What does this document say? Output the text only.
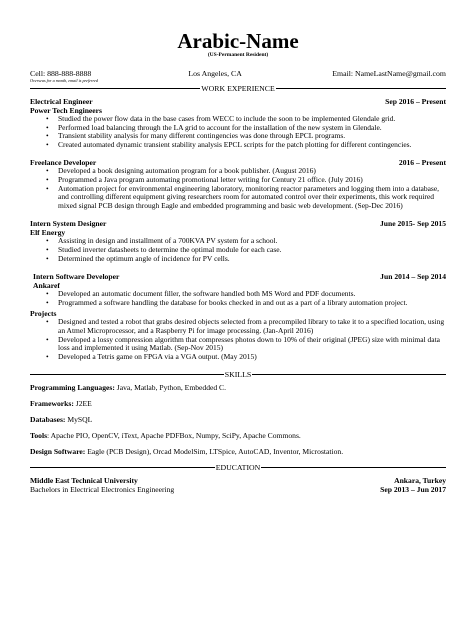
Arabic-Name
(US-Permanent Resident)
Cell: 888-888-8888
Overseas for a month, email is preferred
Los Angeles, CA	Email: NameLastName@gmail.com
WORK EXPERIENCE
Electrical Engineer	Sep 2016 – Present
Power Tech Engineers
• Studied the power flow data in the base cases from WECC to include the soon to be implemented Glendale grid.
• Performed load balancing through the LA grid to account for the installation of the new system in Glendale.
• Transient stability analysis for many different contingencies was done through EPCL programs.
• Created automated dynamic transient stability analysis EPCL scripts for the patch plotting for different contingencies.
Freelance Developer	2016 – Present
• Developed a book designing automation program for a book publisher. (August 2016)
• Programmed a Java program automating promotional letter writing for Century 21 office. (July 2016)
• Automation project for environmental engineering laboratory, monitoring reactor parameters and logging them into a database, and controlling different equipment giving researchers room for automated control over their experiments, this work required mixed signal PCB design through Eagle and embedded programming and basic web development. (Sep-Dec 2016)
Intern System Designer	June 2015- Sep 2015
Elf Energy
• Assisting in design and installment of a 700KVA PV system for a school.
• Studied inverter datasheets to determine the optimal module for each case.
• Determined the optimum angle of incidence for PV cells.
Intern Software Developer	Jun 2014 – Sep 2014
Ankaref
• Developed an automatic document filler, the software handled both MS Word and PDF documents.
• Programmed a software handling the database for books checked in and out as a part of a library automation project.
Projects
• Designed and tested a robot that grabs desired objects selected from a precompiled library to take it to a specified location, using an Atmel Microprocessor, and a Raspberry Pi for image processing. (Jan-April 2016)
• Developed a lossy compression algorithm that compresses photos down to 10% of their original (JPEG) size with minimal data loss and implemented it using Matlab. (Sep-Nov 2015)
• Developed a Tetris game on FPGA via a VGA output. (May 2015)
SKILLS
Programming Languages: Java, Matlab, Python, Embedded C.
Frameworks: J2EE
Databases: MySQL
Tools: Apache PIO, OpenCV, iText, Apache PDFBox, Numpy, SciPy, Apache Commons.
Design Software: Eagle (PCB Design), Orcad ModelSim, LTSpice, AutoCAD, Inventor, Microstation.
EDUCATION
Middle East Technical University	Ankara, Turkey
Bachelors in Electrical Electronics Engineering	Sep 2013 – Jun 2017
